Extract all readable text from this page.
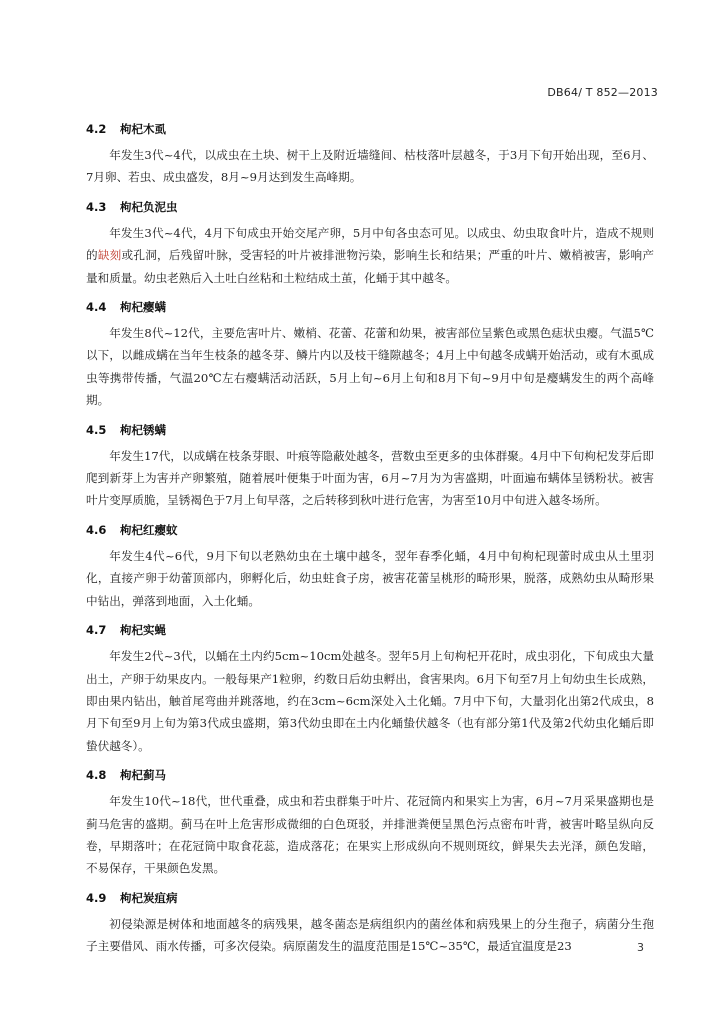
DB64/ T 852—2013
4.2 枸杞木虱

年发生3代~4代，以成虫在土块、树干上及附近墙缝间、枯枝落叶层越冬，于3月下旬开始出现，至6月、7月卵、若虫、成虫盛发，8月~9月达到发生高峰期。

4.3 枸杞负泥虫

年发生3代~4代，4月下旬成虫开始交尾产卵，5月中旬各虫态可见。以成虫、幼虫取食叶片，造成不规则的缺刻或孔洞，后残留叶脉，受害轻的叶片被排泄物污染，影响生长和结果；严重的叶片、嫩梢被害，影响产量和质量。幼虫老熟后入土吐白丝粘和土粒结成土茧，化蛹于其中越冬。

4.4 枸杞瘿螨

年发生8代~12代，主要危害叶片、嫩梢、花蕾、花蕾和幼果，被害部位呈紫色或黑色痣状虫瘿。气温5℃以下，以雌成螨在当年生枝条的越冬芽、鳞片内以及枝干缝隙越冬；4月上中旬越冬成螨开始活动，或有木虱成虫等携带传播，气温20℃左右瘿螨活动活跃，5月上旬~6月上旬和8月下旬~9月中旬是瘿螨发生的两个高峰期。

4.5 枸杞锈螨

年发生17代，以成螨在枝条芽眼、叶痕等隐蔽处越冬，营数虫至更多的虫体群聚。4月中下旬枸杞发芽后即爬到新芽上为害并产卵繁殖，随着展叶便集于叶面为害，6月~7月为为害盛期，叶面遍布螨体呈锈粉状。被害叶片变厚质脆，呈锈褐色于7月上旬早落，之后转移到秋叶进行危害，为害至10月中旬进入越冬场所。

4.6 枸杞红瘿蚊

年发生4代~6代，9月下旬以老熟幼虫在土壤中越冬，翌年春季化蛹，4月中旬枸杞现蕾时成虫从土里羽化，直接产卵于幼蕾顶部内，卵孵化后，幼虫蛀食子房，被害花蕾呈桃形的畸形果，脱落，成熟幼虫从畸形果中钻出，弹落到地面，入土化蛹。

4.7 枸杞实蝇

年发生2代~3代，以蛹在土内约5cm~10cm处越冬。翌年5月上旬枸杞开花时，成虫羽化，下旬成虫大量出土，产卵于幼果皮内。一般每果产1粒卵，约数日后幼虫孵出，食害果肉。6月下旬至7月上旬幼虫生长成熟，即由果内钻出，触首尾弯曲并跳落地，约在3cm~6cm深处入土化蛹。7月中下旬，大量羽化出第2代成虫，8月下旬至9月上旬为第3代成虫盛期，第3代幼虫即在土内化蛹蛰伏越冬（也有部分第1代及第2代幼虫化蛹后即蛰伏越冬）。

4.8 枸杞蓟马

年发生10代~18代，世代重叠，成虫和若虫群集于叶片、花冠筒内和果实上为害，6月~7月采果盛期也是蓟马危害的盛期。蓟马在叶上危害形成微细的白色斑驳，并排泄粪便呈黑色污点密布叶背，被害叶略呈纵向反卷，早期落叶；在花冠筒中取食花蕊，造成落花；在果实上形成纵向不规则斑纹，鲜果失去光泽，颜色发暗，不易保存，干果颜色发黑。

4.9 枸杞炭疽病

初侵染源是树体和地面越冬的病残果，越冬菌态是病组织内的菌丝体和病残果上的分生孢子，病菌分生孢子主要借风、雨水传播，可多次侵染。病原菌发生的温度范围是15℃~35℃，最适宜温度是23	3
